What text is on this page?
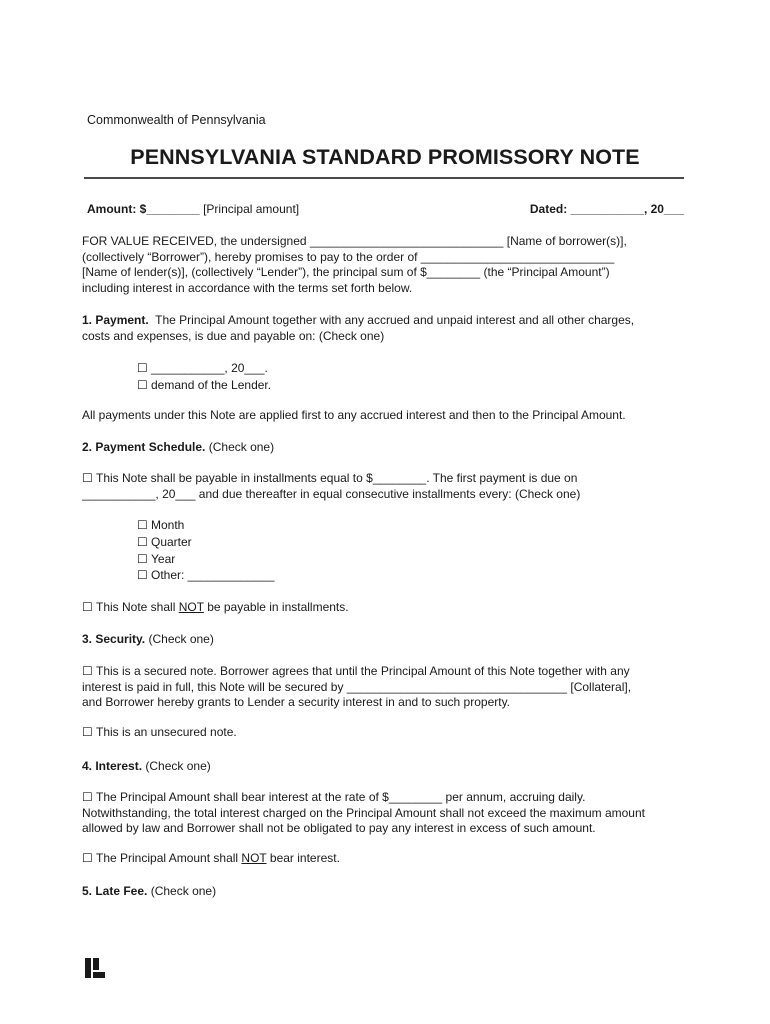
Commonwealth of Pennsylvania
PENNSYLVANIA STANDARD PROMISSORY NOTE
Amount: $________ [Principal amount]	Dated: ___________, 20___
FOR VALUE RECEIVED, the undersigned _____________________________ [Name of borrower(s)],
(collectively “Borrower”), hereby promises to pay to the order of _____________________________
[Name of lender(s)], (collectively “Lender”), the principal sum of $________ (the “Principal Amount”)
including interest in accordance with the terms set forth below.
1. Payment. The Principal Amount together with any accrued and unpaid interest and all other charges,
costs and expenses, is due and payable on: (Check one)
☐ ___________, 20___.
☐ demand of the Lender.
All payments under this Note are applied first to any accrued interest and then to the Principal Amount.
2. Payment Schedule. (Check one)
☐ This Note shall be payable in installments equal to $________. The first payment is due on
___________, 20___ and due thereafter in equal consecutive installments every: (Check one)
☐ Month
☐ Quarter
☐ Year
☐ Other: _____________
☐ This Note shall NOT be payable in installments.
3. Security. (Check one)
☐ This is a secured note. Borrower agrees that until the Principal Amount of this Note together with any
interest is paid in full, this Note will be secured by _________________________________ [Collateral],
and Borrower hereby grants to Lender a security interest in and to such property.
☐ This is an unsecured note.
4. Interest. (Check one)
☐ The Principal Amount shall bear interest at the rate of $________ per annum, accruing daily.
Notwithstanding, the total interest charged on the Principal Amount shall not exceed the maximum amount
allowed by law and Borrower shall not be obligated to pay any interest in excess of such amount.
☐ The Principal Amount shall NOT bear interest.
5. Late Fee. (Check one)
